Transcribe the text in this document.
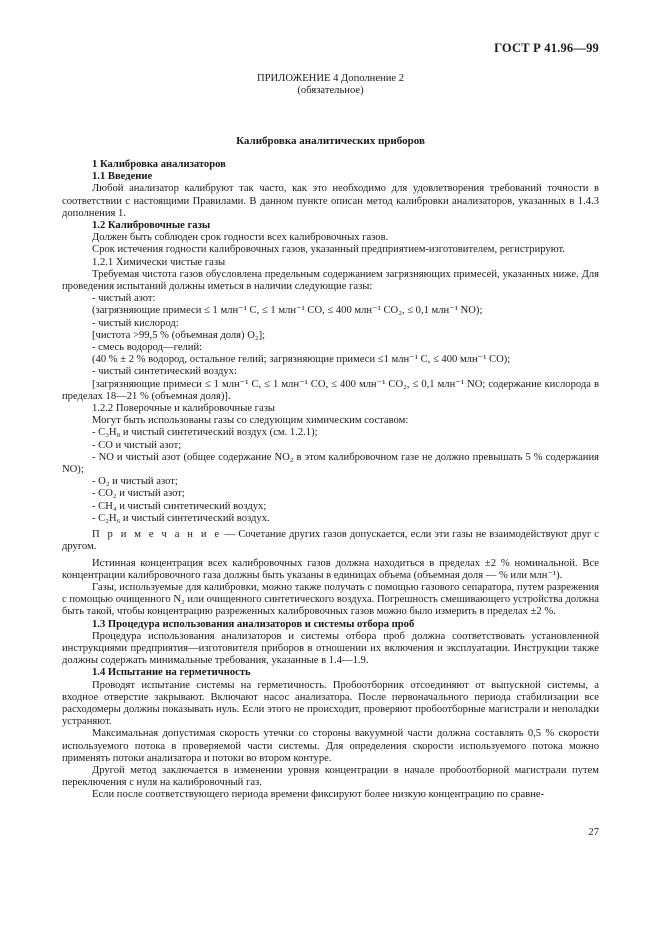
ГОСТ Р 41.96—99
ПРИЛОЖЕНИЕ 4 Дополнение 2
(обязательное)
Калибровка аналитических приборов

1 Калибровка анализаторов

1.1 Введение

Любой анализатор калибруют так часто, как это необходимо для удовлетворения требований точности в соответствии с настоящими Правилами. В данном пункте описан метод калибровки анализаторов, указанных в 1.4.3 дополнения 1.

1.2 Калибровочные газы

Должен быть соблюден срок годности всех калибровочных газов.

Срок истечения годности калибровочных газов, указанный предприятием-изготовителем, регистрируют.

1.2.1 Химически чистые газы

Требуемая чистота газов обусловлена предельным содержанием загрязняющих примесей, указанных ниже. Для проведения испытаний должны иметься в наличии следующие газы:

- чистый азот:

(загрязняющие примеси ≤ 1 млн⁻¹ C, ≤ 1 млн⁻¹ CO, ≤ 400 млн⁻¹ CO₂, ≤ 0,1 млн⁻¹ NO);

- чистый кислород:

[чистота >99,5 % (объемная доля) O₂];

- смесь водород—гелий:

(40 % ± 2 % водород, остальное гелий; загрязняющие примеси ≤1 млн⁻¹ C, ≤ 400 млн⁻¹ CO);

- чистый синтетический воздух:

[загрязняющие примеси ≤ 1 млн⁻¹ C, ≤ 1 млн⁻¹ CO, ≤ 400 млн⁻¹ CO₂, ≤ 0,1 млн⁻¹ NO; содержание кислорода в пределах 18—21 % (объемная доля)].

1.2.2 Поверочные и калибровочные газы

Могут быть использованы газы со следующим химическим составом:

- C₃H₈ и чистый синтетический воздух (см. 1.2.1);

- CO и чистый азот;

- NO и чистый азот (общее содержание NO₂ в этом калибровочном газе не должно превышать 5 % содержания NO);

- O₂ и чистый азот;

- CO₂ и чистый азот;

- CH₄ и чистый синтетический воздух;

- C₂H₆ и чистый синтетический воздух.

П р и м е ч а н и е — Сочетание других газов допускается, если эти газы не взаимодействуют друг с другом.

Истинная концентрация всех калибровочных газов должна находиться в пределах ±2 % номинальной. Все концентрации калибровочного газа должны быть указаны в единицах объема (объемная доля — % или млн⁻¹).

Газы, используемые для калибровки, можно также получать с помощью газового сепаратора, путем разрежения с помощью очищенного N₂ или очищенного синтетического воздуха. Погрешность смешивающего устройства должна быть такой, чтобы концентрацию разреженных калибровочных газов можно было измерить в пределах ±2 %.

1.3 Процедура использования анализаторов и системы отбора проб

Процедура использования анализаторов и системы отбора проб должна соответствовать установленной инструкциями предприятия—изготовителя приборов в отношении их включения и эксплуатации. Инструкции также должны содержать минимальные требования, указанные в 1.4—1.9.

1.4 Испытание на герметичность

Проводят испытание системы на герметичность. Пробоотборник отсоединяют от выпускной системы, а входное отверстие закрывают. Включают насос анализатора. После первоначального периода стабилизации все расходомеры должны показывать нуль. Если этого не происходит, проверяют пробоотборные магистрали и неполадки устраняют.

Максимальная допустимая скорость утечки со стороны вакуумной части должна составлять 0,5 % скорости используемого потока в проверяемой части системы. Для определения скорости используемого потока можно применять потоки анализатора и потоки во втором контуре.

Другой метод заключается в изменении уровня концентрации в начале пробоотборной магистрали путем переключения с нуля на калибровочный газ.

Если после соответствующего периода времени фиксируют более низкую концентрацию по сравне-

27
